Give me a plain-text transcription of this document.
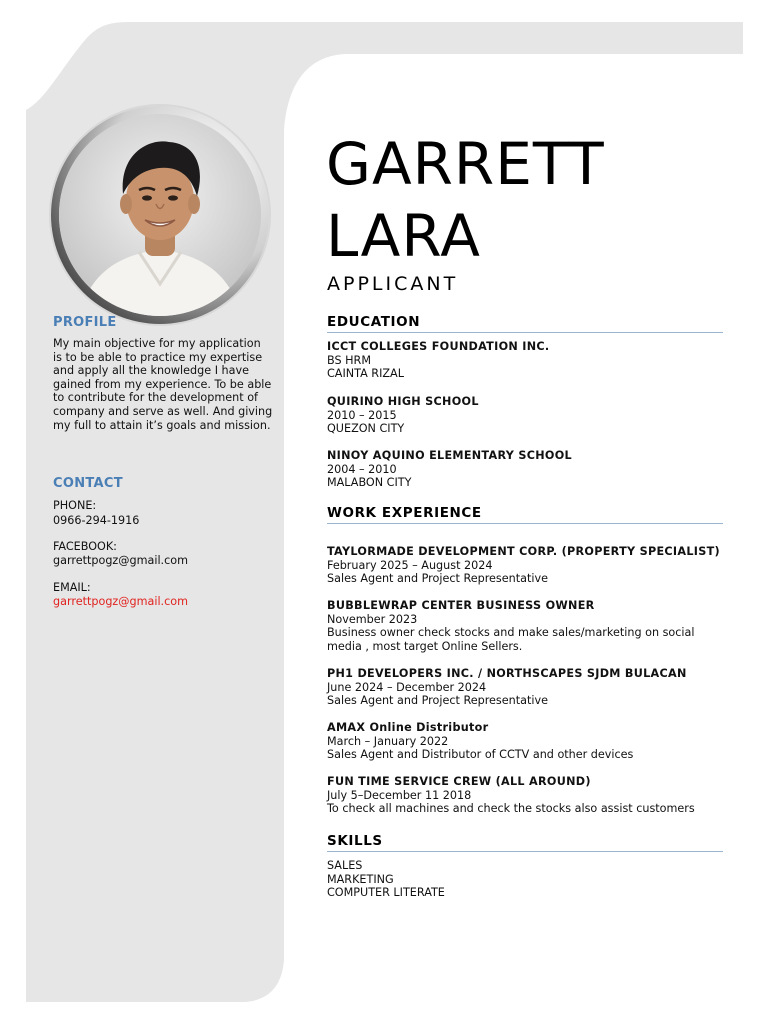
PROFILE
My main objective for my application is to be able to practice my expertise and apply all the knowledge I have gained from my experience. To be able to contribute for the development of company and serve as well. And giving my full to attain it’s goals and mission.
CONTACT
PHONE:
0966-294-1916
FACEBOOK:
garrettpogz@gmail.com
EMAIL:
garrettpogz@gmail.com
GARRETT
LARA
APPLICANT
EDUCATION
ICCT COLLEGES FOUNDATION INC.
BS HRM
CAINTA RIZAL
QUIRINO HIGH SCHOOL
2010 – 2015
QUEZON CITY
NINOY AQUINO ELEMENTARY SCHOOL
2004 – 2010
MALABON CITY
WORK EXPERIENCE
TAYLORMADE DEVELOPMENT CORP. (PROPERTY SPECIALIST)
February 2025 – August 2024
Sales Agent and Project Representative
BUBBLEWRAP CENTER BUSINESS OWNER
November 2023
Business owner check stocks and make sales/marketing on social
media , most target Online Sellers.
PH1 DEVELOPERS INC. / NORTHSCAPES SJDM BULACAN
June 2024 – December 2024
Sales Agent and Project Representative
AMAX Online Distributor
March – January 2022
Sales Agent and Distributor of CCTV and other devices
FUN TIME SERVICE CREW (ALL AROUND)
July 5–December 11 2018
To check all machines and check the stocks also assist customers
SKILLS
SALES
MARKETING
COMPUTER LITERATE
